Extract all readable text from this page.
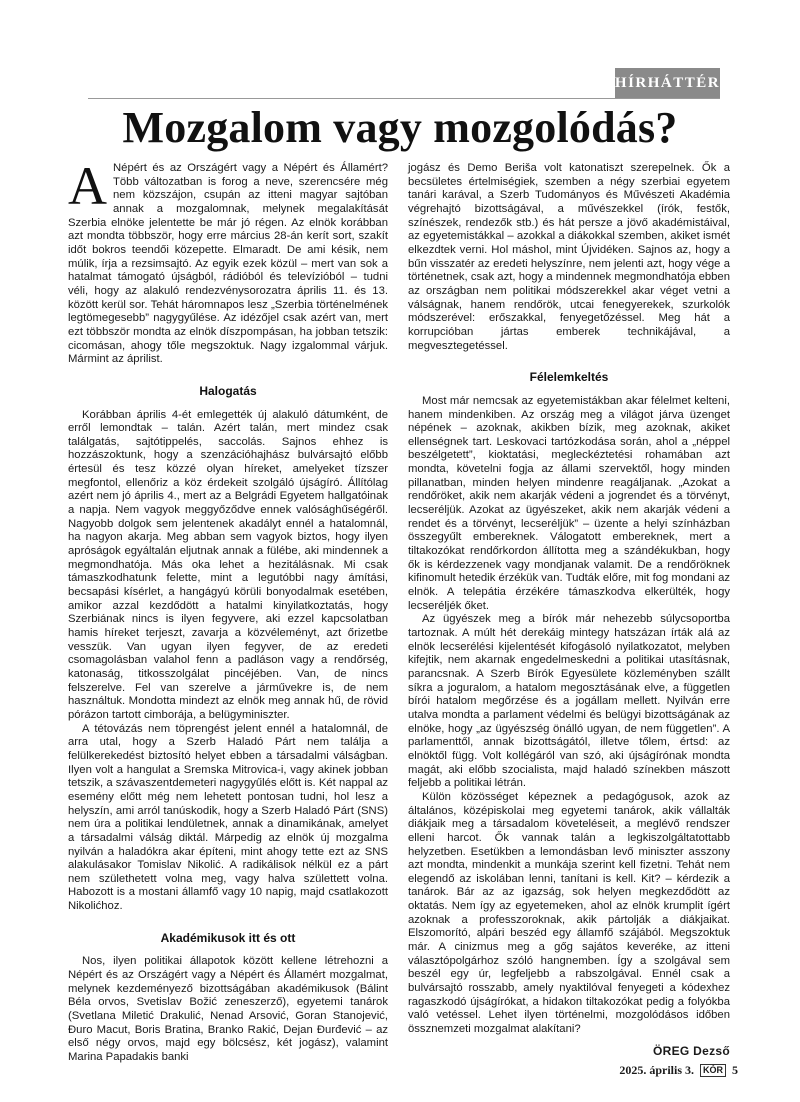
HÍRHÁTTÉR
Mozgalom vagy mozgolódás?
A Népért és az Országért vagy a Népért és Államért? Több változatban is forog a neve, szerencsére még nem közszájon, csupán az itteni magyar sajtóban annak a mozgalomnak, melynek megalakítását Szerbia elnöke jelentette be már jó régen. Az elnök korábban azt mondta többször, hogy erre március 28-án kerít sort, szakít időt bokros teendői közepette. Elmaradt. De ami késik, nem múlik, írja a rezsimsajtó. Az egyik ezek közül – mert van sok a hatalmat támogató újságból, rádióból és televízióból – tudni véli, hogy az alakuló rendezvénysorozatra április 11. és 13. között kerül sor. Tehát háromnapos lesz „Szerbia történelmének legtömegesebb” nagygyűlése. Az idézőjel csak azért van, mert ezt többször mondta az elnök díszpompásan, ha jobban tetszik: cicomásan, ahogy tőle megszoktuk. Nagy izgalommal várjuk. Mármint az áprilist.

Halogatás

Korábban április 4-ét emlegették új alakuló dátumként, de erről lemondtak – talán. Azért talán, mert mindez csak találgatás, sajtótippelés, saccolás. Sajnos ehhez is hozzászoktunk, hogy a szenzációhajhász bulvársajtó előbb értesül és tesz közzé olyan híreket, amelyeket tízszer megfontol, ellenőriz a köz érdekeit szolgáló újságíró. Állítólag azért nem jó április 4., mert az a Belgrádi Egyetem hallgatóinak a napja. Nem vagyok meggyőződve ennek valósághűségéről. Nagyobb dolgok sem jelentenek akadályt ennél a hatalomnál, ha nagyon akarja. Meg abban sem vagyok biztos, hogy ilyen apróságok egyáltalán eljutnak annak a fülébe, aki mindennek a megmondhatója. Más oka lehet a hezitálásnak. Mi csak támaszkodhatunk felette, mint a legutóbbi nagy ámítási, becsapási kísérlet, a hangágyú körüli bonyodalmak esetében, amikor azzal kezdődött a hatalmi kinyilatkoztatás, hogy Szerbiának nincs is ilyen fegyvere, aki ezzel kapcsolatban hamis híreket terjeszt, zavarja a közvéleményt, azt őrizetbe vesszük. Van ugyan ilyen fegyver, de az eredeti csomagolásban valahol fenn a padláson vagy a rendőrség, katonaság, titkosszolgálat pincéjében. Van, de nincs felszerelve. Fel van szerelve a járművekre is, de nem használtuk. Mondotta mindezt az elnök meg annak hű, de rövid pórázon tartott cimborája, a belügyminiszter.

A tétovázás nem töprengést jelent ennél a hatalomnál, de arra utal, hogy a Szerb Haladó Párt nem találja a felülkerekedést biztosító helyet ebben a társadalmi válságban. Ilyen volt a hangulat a Sremska Mitrovica-i, vagy akinek jobban tetszik, a szávaszentdemeteri nagygyűlés előtt is. Két nappal az esemény előtt még nem lehetett pontosan tudni, hol lesz a helyszín, ami arról tanúskodik, hogy a Szerb Haladó Párt (SNS) nem úra a politikai lendületnek, annak a dinamikának, amelyet a társadalmi válság diktál. Márpedig az elnök új mozgalma nyilván a haladókra akar építeni, mint ahogy tette ezt az SNS alakulásakor Tomislav Nikolić. A radikálisok nélkül ez a párt nem születhetett volna meg, vagy halva születtett volna. Habozott is a mostani államfő vagy 10 napig, majd csatlakozott Nikolićhoz.

Akadémikusok itt és ott

Nos, ilyen politikai állapotok között kellene létrehozni a Népért és az Országért vagy a Népért és Államért mozgalmat, melynek kezdeményező bizottságában akadémikusok (Bálint Béla orvos, Svetislav Božić zeneszerző), egyetemi tanárok (Svetlana Miletić Drakulić, Nenad Arsović, Goran Stanojević, Đuro Macut, Boris Bratina, Branko Rakić, Dejan Đurđević – az első négy orvos, majd egy bölcsész, két jogász), valamint Marina Papadakis banki

jogász és Demo Beriša volt katonatiszt szerepelnek. Ők a becsületes értelmiségiek, szemben a négy szerbiai egyetem tanári karával, a Szerb Tudományos és Művészeti Akadémia végrehajtó bizottságával, a művészekkel (írók, festők, színészek, rendezők stb.) és hát persze a jövő akadémistáival, az egyetemistákkal – azokkal a diákokkal szemben, akiket ismét elkezdtek verni. Hol máshol, mint Újvidéken. Sajnos az, hogy a bűn visszatér az eredeti helyszínre, nem jelenti azt, hogy vége a történetnek, csak azt, hogy a mindennek megmondhatója ebben az országban nem politikai módszerekkel akar véget vetni a válságnak, hanem rendőrök, utcai fenegyerekek, szurkolók módszerével: erőszakkal, fenyegetőzéssel. Meg hát a korrupcióban jártas emberek technikájával, a megvesztegetéssel.

Félelemkeltés

Most már nemcsak az egyetemistákban akar félelmet kelteni, hanem mindenkiben. Az ország meg a világot járva üzenget népének – azoknak, akikben bízik, meg azoknak, akiket ellenségnek tart. Leskovaci tartózkodása során, ahol a „néppel beszélgetett”, kioktatási, megleckéztetési rohamában azt mondta, követelni fogja az állami szervektől, hogy minden pillanatban, minden helyen mindenre reagáljanak. „Azokat a rendőröket, akik nem akarják védeni a jogrendet és a törvényt, lecseréljük. Azokat az ügyészeket, akik nem akarják védeni a rendet és a törvényt, lecseréljük” – üzente a helyi színházban összegyűlt embereknek. Válogatott embereknek, mert a tiltakozókat rendőrkordon állította meg a szándékukban, hogy ők is kérdezzenek vagy mondjanak valamit. De a rendőröknek kifinomult hetedik érzékük van. Tudták előre, mit fog mondani az elnök. A telepátia érzékére támaszkodva elkerülték, hogy lecseréljék őket.

Az ügyészek meg a bírók már nehezebb súlycsoportba tartoznak. A múlt hét derekáig mintegy hatszázan írták alá az elnök lecserélési kijelentését kifogásoló nyilatkozatot, melyben kifejtik, nem akarnak engedelmeskedni a politikai utasításnak, parancsnak. A Szerb Bírók Egyesülete közleményben szállt síkra a joguralom, a hatalom megosztásának elve, a független bírói hatalom megőrzése és a jogállam mellett. Nyilván erre utalva mondta a parlament védelmi és belügyi bizottságának az elnöke, hogy „az ügyészség önálló ugyan, de nem független”. A parlamenttől, annak bizottságától, illetve tőlem, értsd: az elnöktől függ. Volt kollégáról van szó, aki újságírónak mondta magát, aki előbb szocialista, majd haladó színekben mászott feljebb a politikai létrán.

Külön közösséget képeznek a pedagógusok, azok az általános, középiskolai meg egyetemi tanárok, akik vállalták diákjaik meg a társadalom követeléseit, a meglévő rendszer elleni harcot. Ők vannak talán a legkiszolgáltatottabb helyzetben. Esetükben a lemondásban levő miniszter asszony azt mondta, mindenkit a munkája szerint kell fizetni. Tehát nem elegendő az iskolában lenni, tanítani is kell. Kit? – kérdezik a tanárok. Bár az az igazság, sok helyen megkezdődött az oktatás. Nem így az egyetemeken, ahol az elnök krumplit ígért azoknak a professzoroknak, akik pártolják a diákjaikat. Elszomorító, alpári beszéd egy államfő szájából. Megszoktuk már. A cinizmus meg a gőg sajátos keveréke, az itteni választópolgárhoz szóló hangnemben. Így a szolgával sem beszél egy úr, legfeljebb a rabszolgával. Ennél csak a bulvársajtó rosszabb, amely nyaktilóval fenyegeti a kódexhez ragaszkodó újságírókat, a hidakon tiltakozókat pedig a folyókba való vetéssel. Lehet ilyen történelmi, mozgolódásos időben össznemzeti mozgalmat alakítani?

ÖREG Dezső
2025. április 3.	KÓR 5
